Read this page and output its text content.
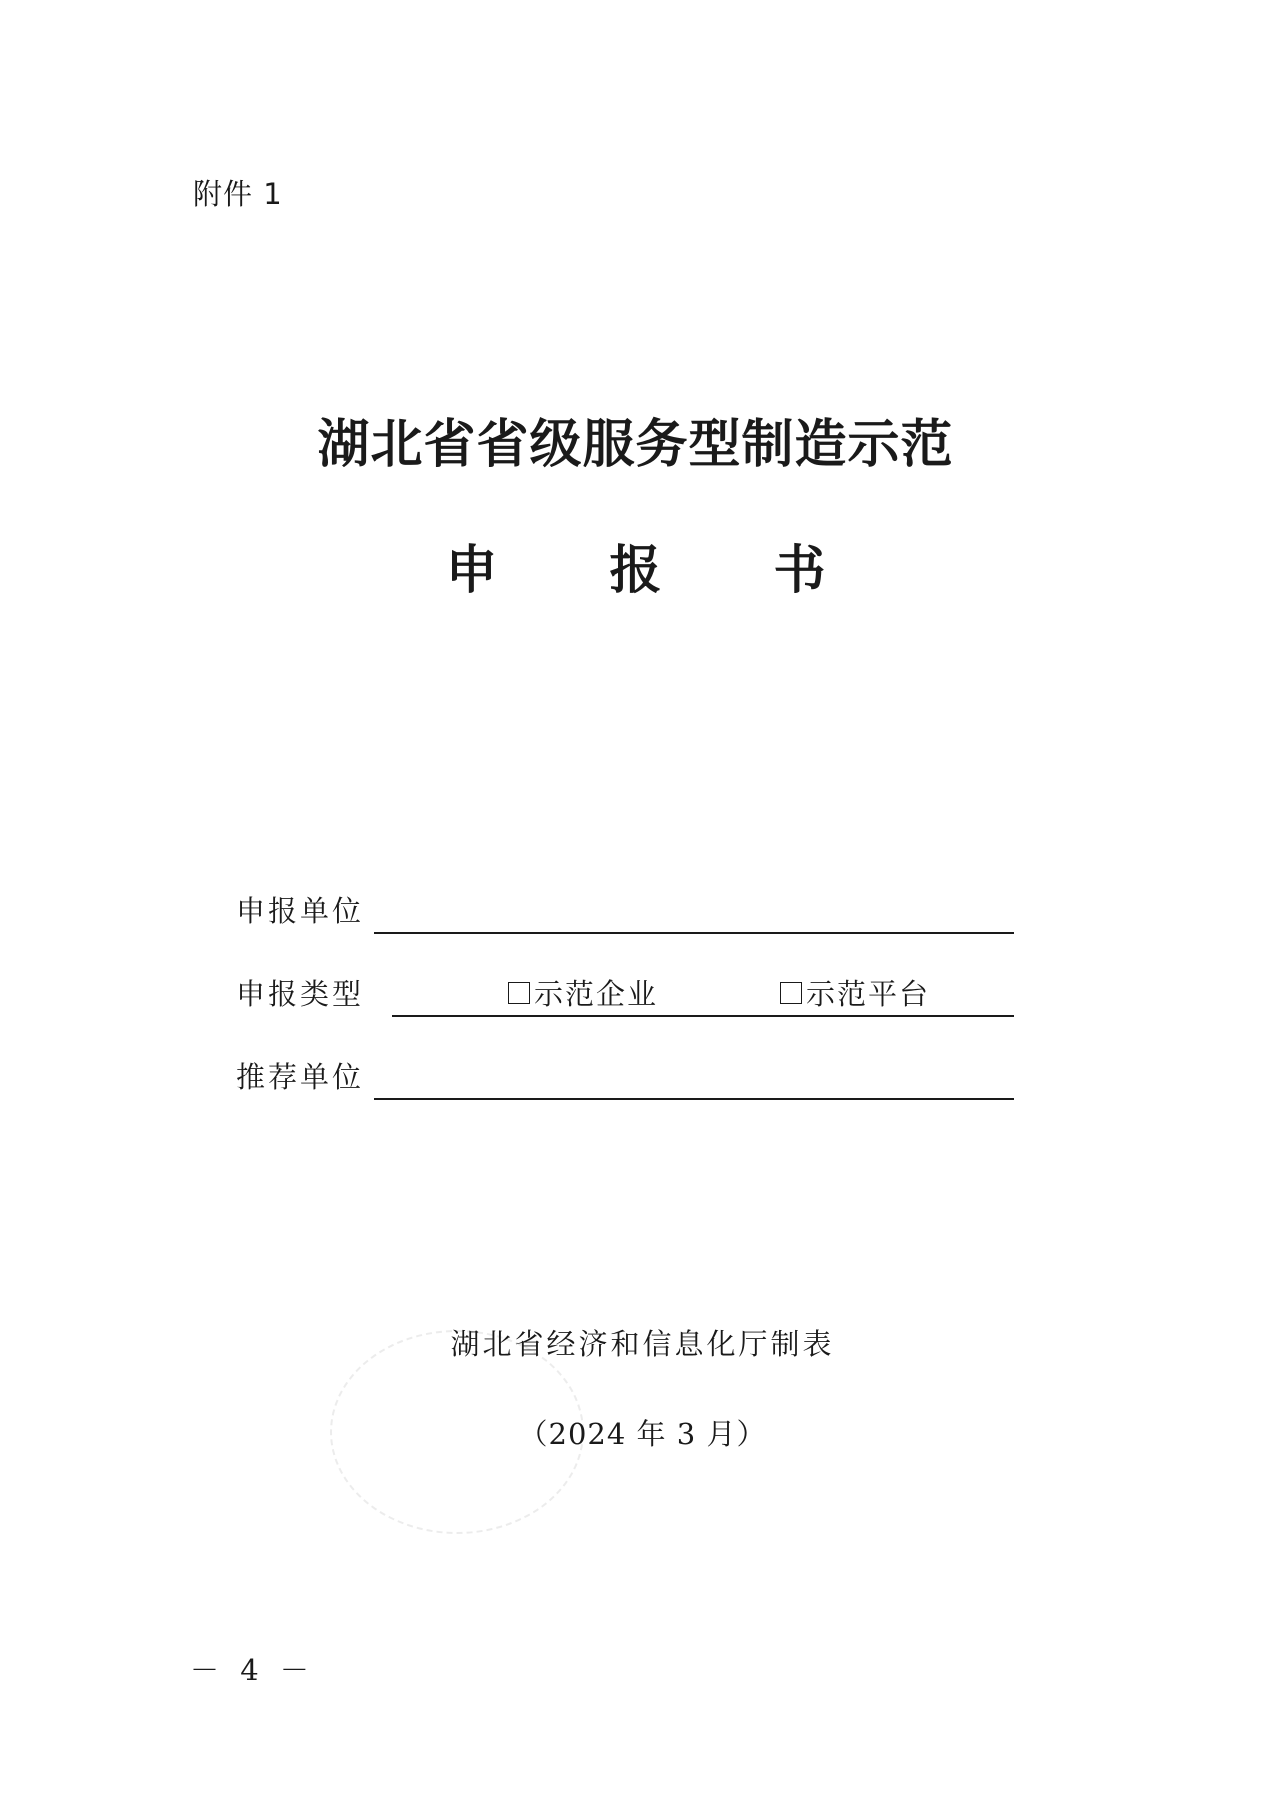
附件 1
湖北省省级服务型制造示范
申 报 书
申报单位
申报类型	示范企业	示范平台
推荐单位
湖北省经济和信息化厅制表
（2024 年 3 月）
－ 4 －
